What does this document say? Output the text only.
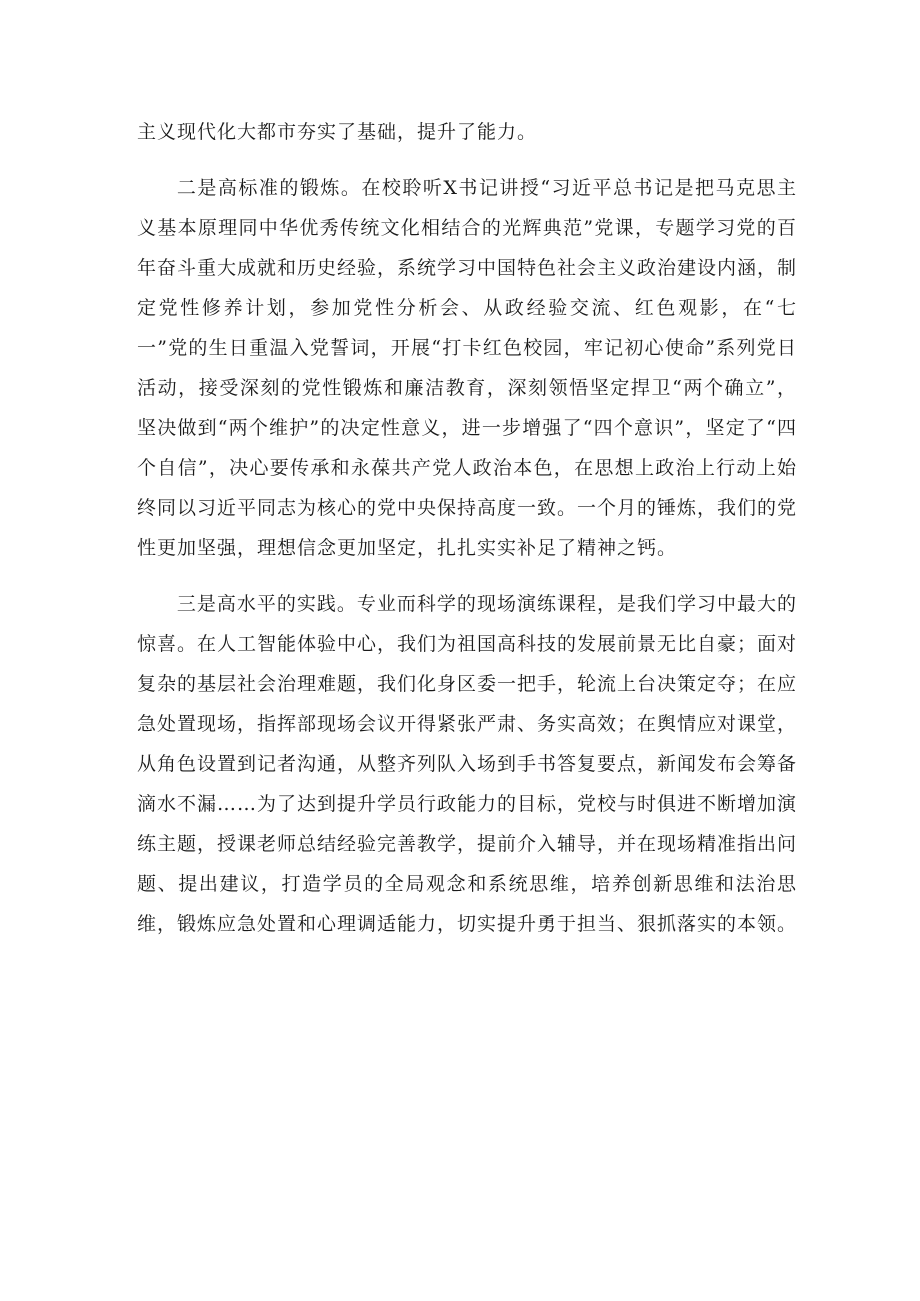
主义现代化大都市夯实了基础，提升了能力。

二是高标准的锻炼。在校聆听X书记讲授“习近平总书记是把马克思主义基本原理同中华优秀传统文化相结合的光辉典范”党课，专题学习党的百年奋斗重大成就和历史经验，系统学习中国特色社会主义政治建设内涵，制定党性修养计划，参加党性分析会、从政经验交流、红色观影，在“七一”党的生日重温入党誓词，开展“打卡红色校园，牢记初心使命”系列党日活动，接受深刻的党性锻炼和廉洁教育，深刻领悟坚定捍卫“两个确立”，坚决做到“两个维护”的决定性意义，进一步增强了“四个意识”，坚定了“四个自信”，决心要传承和永葆共产党人政治本色，在思想上政治上行动上始终同以习近平同志为核心的党中央保持高度一致。一个月的锤炼，我们的党性更加坚强，理想信念更加坚定，扎扎实实补足了精神之钙。

三是高水平的实践。专业而科学的现场演练课程，是我们学习中最大的惊喜。在人工智能体验中心，我们为祖国高科技的发展前景无比自豪；面对复杂的基层社会治理难题，我们化身区委一把手，轮流上台决策定夺；在应急处置现场，指挥部现场会议开得紧张严肃、务实高效；在舆情应对课堂，从角色设置到记者沟通，从整齐列队入场到手书答复要点，新闻发布会筹备滴水不漏……为了达到提升学员行政能力的目标，党校与时俱进不断增加演练主题，授课老师总结经验完善教学，提前介入辅导，并在现场精准指出问题、提出建议，打造学员的全局观念和系统思维，培养创新思维和法治思维，锻炼应急处置和心理调适能力，切实提升勇于担当、狠抓落实的本领。
